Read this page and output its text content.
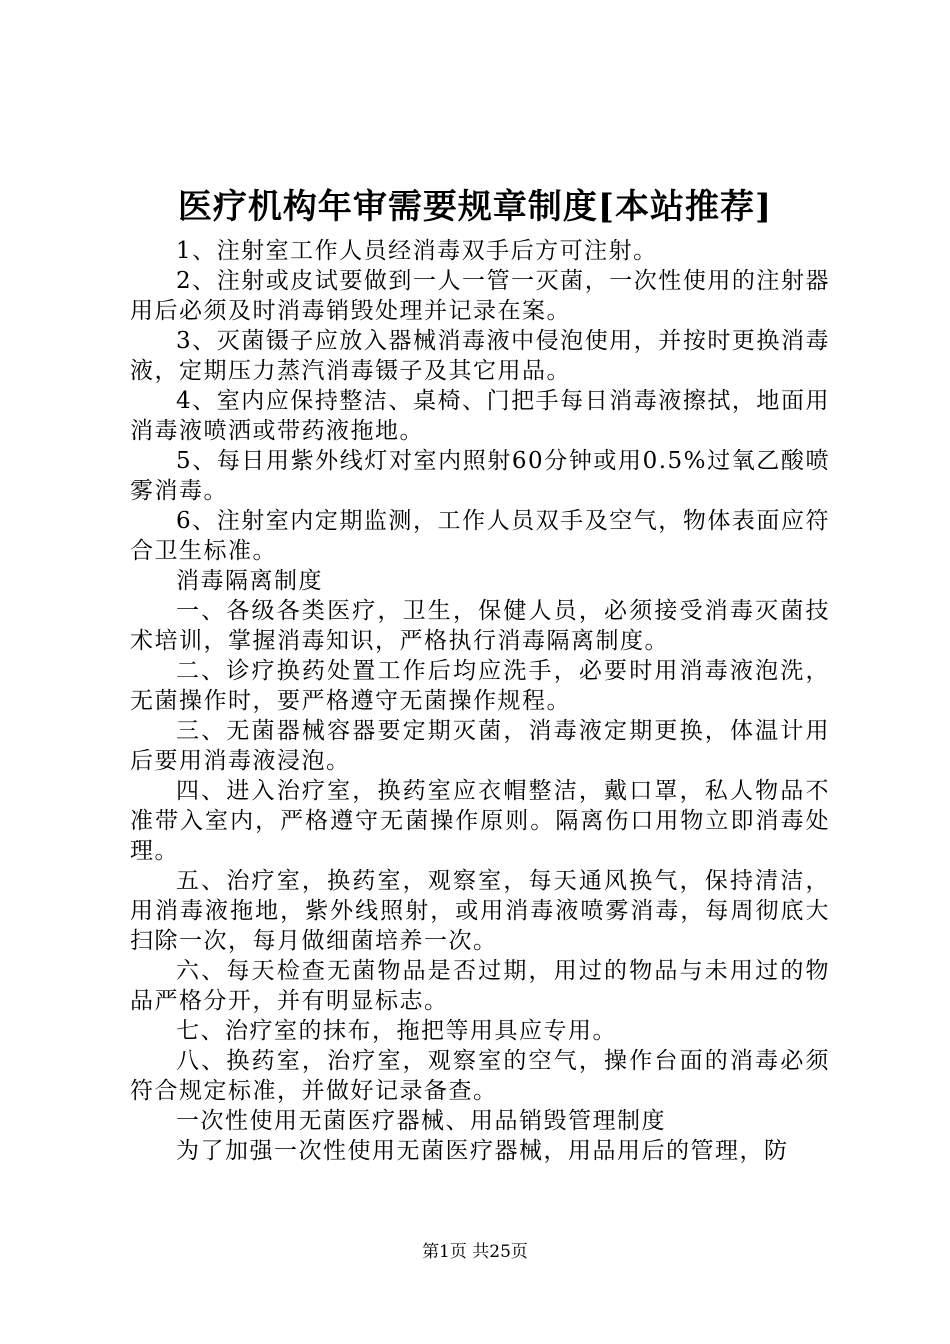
医疗机构年审需要规章制度[本站推荐]

1、注射室工作人员经消毒双手后方可注射。

2、注射或皮试要做到一人一管一灭菌，一次性使用的注射器用后必须及时消毒销毁处理并记录在案。

3、灭菌镊子应放入器械消毒液中侵泡使用，并按时更换消毒液，定期压力蒸汽消毒镊子及其它用品。

4、室内应保持整洁、桌椅、门把手每日消毒液擦拭，地面用消毒液喷洒或带药液拖地。

5、每日用紫外线灯对室内照射60分钟或用0.5%过氧乙酸喷雾消毒。

6、注射室内定期监测，工作人员双手及空气，物体表面应符合卫生标准。

消毒隔离制度

一、各级各类医疗，卫生，保健人员，必须接受消毒灭菌技术培训，掌握消毒知识，严格执行消毒隔离制度。

二、诊疗换药处置工作后均应洗手，必要时用消毒液泡洗，无菌操作时，要严格遵守无菌操作规程。

三、无菌器械容器要定期灭菌，消毒液定期更换，体温计用后要用消毒液浸泡。

四、进入治疗室，换药室应衣帽整洁，戴口罩，私人物品不准带入室内，严格遵守无菌操作原则。隔离伤口用物立即消毒处理。

五、治疗室，换药室，观察室，每天通风换气，保持清洁，用消毒液拖地，紫外线照射，或用消毒液喷雾消毒，每周彻底大扫除一次，每月做细菌培养一次。

六、每天检查无菌物品是否过期，用过的物品与未用过的物品严格分开，并有明显标志。

七、治疗室的抹布，拖把等用具应专用。

八、换药室，治疗室，观察室的空气，操作台面的消毒必须符合规定标准，并做好记录备查。

一次性使用无菌医疗器械、用品销毁管理制度

为了加强一次性使用无菌医疗器械，用品用后的管理，防

第1页 共25页
